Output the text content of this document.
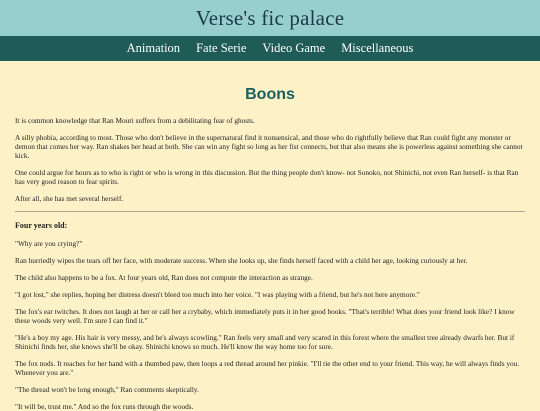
Verse's fic palace
Animation Fate Serie Video Game Miscellaneous
Boons

It is common knowledge that Ran Mouri suffers from a debilitating fear of ghosts.

A silly phobia, according to most. Those who don't believe in the supernatural find it nonsensical, and those who do rightfully believe that Ran could fight any monster or demon that comes her way. Ran shakes her head at both. She can win any fight so long as her fist connects, but that also means she is powerless against something she cannot kick.

One could argue for hours as to who is right or who is wrong in this discussion. But the thing people don't know- not Sonoko, not Shinichi, not even Ran herself- is that Ran has very good reason to fear spirits.

After all, she has met several herself.

Four years old:

"Why are you crying?"

Ran hurriedly wipes the tears off her face, with moderate success. When she looks up, she finds herself faced with a child her age, looking curiously at her.

The child also happens to be a fox. At four years old, Ran does not compute the interaction as strange.

"I got lost," she replies, hoping her distress doesn't bleed too much into her voice. "I was playing with a friend, but he's not here anymore."

The fox's ear twitches. It does not laugh at her or call her a crybaby, which immediately puts it in her good books. "That's terrible! What does your friend look like? I know these woods very well. I'm sure I can find it."

"He's a boy my age. His hair is very messy, and he's always scowling." Ran feels very small and very scared in this forest where the smallest tree already dwarfs her. But if Shinichi finds her, she knows she'll be okay. Shinichi knows so much. He'll know the way home too for sure.

The fox nods. It reaches for her hand with a thumbed paw, then loops a red thread around her pinkie. "I'll tie the other end to your friend. This way, he will always finds you. Whenever you are."

"The thread won't be long enough," Ran comments skeptically.

"It will be, trust me." And so the fox runs through the woods.
